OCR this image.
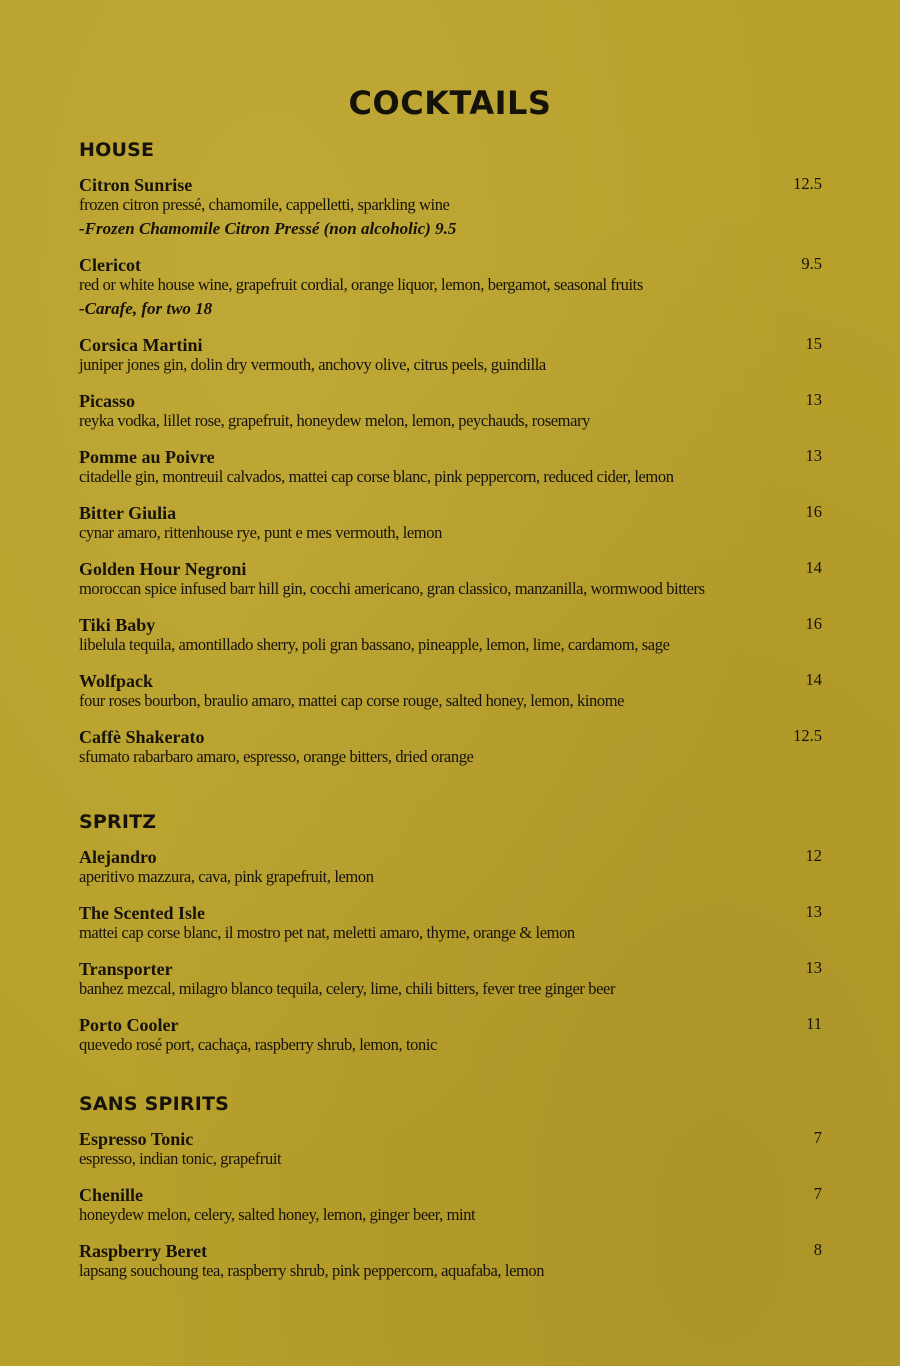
COCKTAILS
HOUSE
Citron Sunrise	12.5
frozen citron pressé, chamomile, cappelletti, sparkling wine
-Frozen Chamomile Citron Pressé (non alcoholic) 9.5
Clericot	9.5
red or white house wine, grapefruit cordial, orange liquor, lemon, bergamot, seasonal fruits
-Carafe, for two 18
Corsica Martini	15
juniper jones gin, dolin dry vermouth, anchovy olive, citrus peels, guindilla
Picasso	13
reyka vodka, lillet rose, grapefruit, honeydew melon, lemon, peychauds, rosemary
Pomme au Poivre	13
citadelle gin, montreuil calvados, mattei cap corse blanc, pink peppercorn, reduced cider, lemon
Bitter Giulia	16
cynar amaro, rittenhouse rye, punt e mes vermouth, lemon
Golden Hour Negroni	14
moroccan spice infused barr hill gin, cocchi americano, gran classico, manzanilla, wormwood bitters
Tiki Baby	16
libelula tequila, amontillado sherry, poli gran bassano, pineapple, lemon, lime, cardamom, sage
Wolfpack	14
four roses bourbon, braulio amaro, mattei cap corse rouge, salted honey, lemon, kinome
Caffè Shakerato	12.5
sfumato rabarbaro amaro, espresso, orange bitters, dried orange
SPRITZ
Alejandro	12
aperitivo mazzura, cava, pink grapefruit, lemon
The Scented Isle	13
mattei cap corse blanc, il mostro pet nat, meletti amaro, thyme, orange & lemon
Transporter	13
banhez mezcal, milagro blanco tequila, celery, lime, chili bitters, fever tree ginger beer
Porto Cooler	11
quevedo rosé port, cachaça, raspberry shrub, lemon, tonic
SANS SPIRITS
Espresso Tonic	7
espresso, indian tonic, grapefruit
Chenille	7
honeydew melon, celery, salted honey, lemon, ginger beer, mint
Raspberry Beret	8
lapsang souchoung tea, raspberry shrub, pink peppercorn, aquafaba, lemon
